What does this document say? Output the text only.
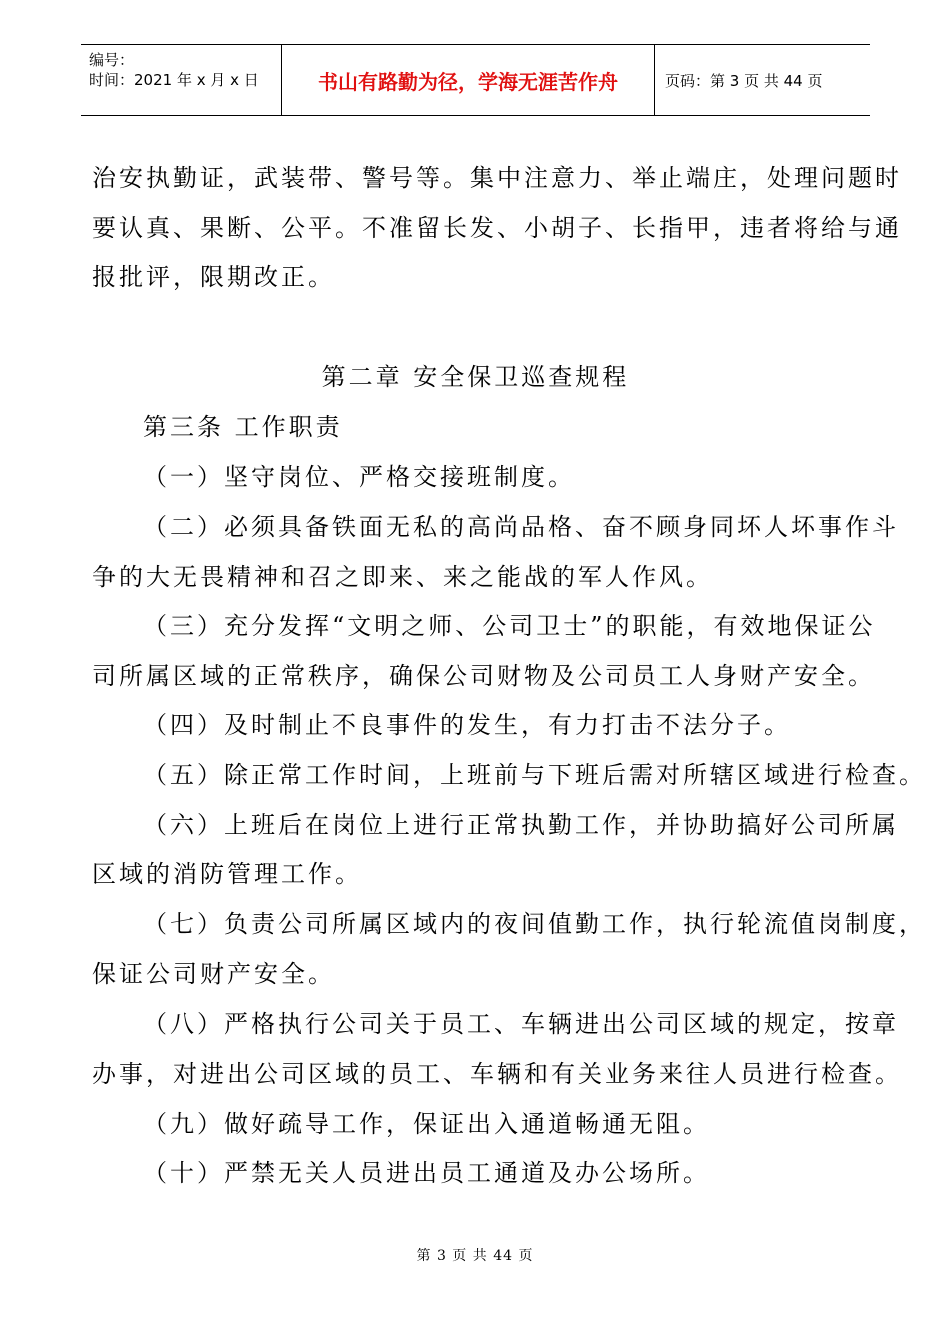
编号：
时间：2021 年 x 月 x 日	书山有路勤为径，学海无涯苦作舟	页码：第 3 页 共 44 页
治安执勤证，武装带、警号等。集中注意力、举止端庄，处理问题时
要认真、果断、公平。不准留长发、小胡子、长指甲，违者将给与通
报批评，限期改正。
第二章 安全保卫巡查规程
第三条 工作职责
（一）坚守岗位、严格交接班制度。
（二）必须具备铁面无私的高尚品格、奋不顾身同坏人坏事作斗
争的大无畏精神和召之即来、来之能战的军人作风。
（三）充分发挥“文明之师、公司卫士”的职能，有效地保证公
司所属区域的正常秩序，确保公司财物及公司员工人身财产安全。
（四）及时制止不良事件的发生，有力打击不法分子。
（五）除正常工作时间，上班前与下班后需对所辖区域进行检查。
（六）上班后在岗位上进行正常执勤工作，并协助搞好公司所属
区域的消防管理工作。
（七）负责公司所属区域内的夜间值勤工作，执行轮流值岗制度，
保证公司财产安全。
（八）严格执行公司关于员工、车辆进出公司区域的规定，按章
办事，对进出公司区域的员工、车辆和有关业务来往人员进行检查。
（九）做好疏导工作，保证出入通道畅通无阻。
（十）严禁无关人员进出员工通道及办公场所。
第 3 页 共 44 页
